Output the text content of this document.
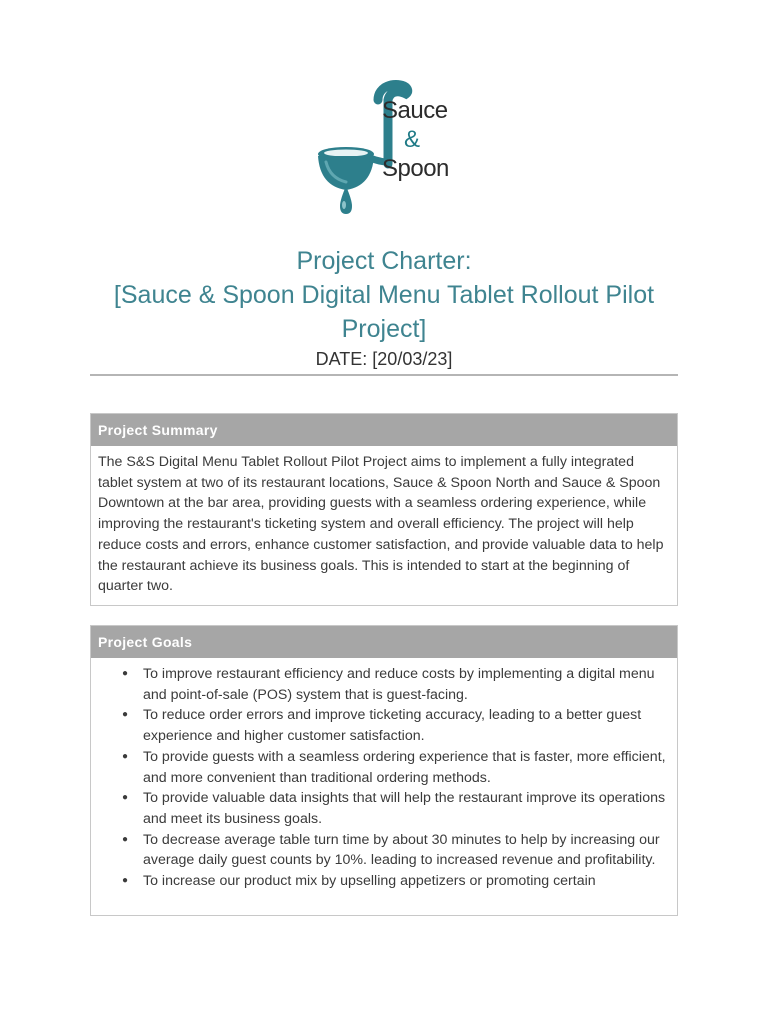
Sauce
&
Spoon
Project Charter:
[Sauce & Spoon Digital Menu Tablet Rollout Pilot Project]
DATE: [20/03/23]
Project Summary
The S&S Digital Menu Tablet Rollout Pilot Project aims to implement a fully integrated tablet system at two of its restaurant locations, Sauce & Spoon North and Sauce & Spoon Downtown at the bar area, providing guests with a seamless ordering experience, while improving the restaurant's ticketing system and overall efficiency. The project will help reduce costs and errors, enhance customer satisfaction, and provide valuable data to help the restaurant achieve its business goals. This is intended to start at the beginning of quarter two.
Project Goals
● To improve restaurant efficiency and reduce costs by implementing a digital menu and point-of-sale (POS) system that is guest-facing.
● To reduce order errors and improve ticketing accuracy, leading to a better guest experience and higher customer satisfaction.
● To provide guests with a seamless ordering experience that is faster, more efficient, and more convenient than traditional ordering methods.
● To provide valuable data insights that will help the restaurant improve its operations and meet its business goals.
● To decrease average table turn time by about 30 minutes to help by increasing our average daily guest counts by 10%. leading to increased revenue and profitability.
● To increase our product mix by upselling appetizers or promoting certain
